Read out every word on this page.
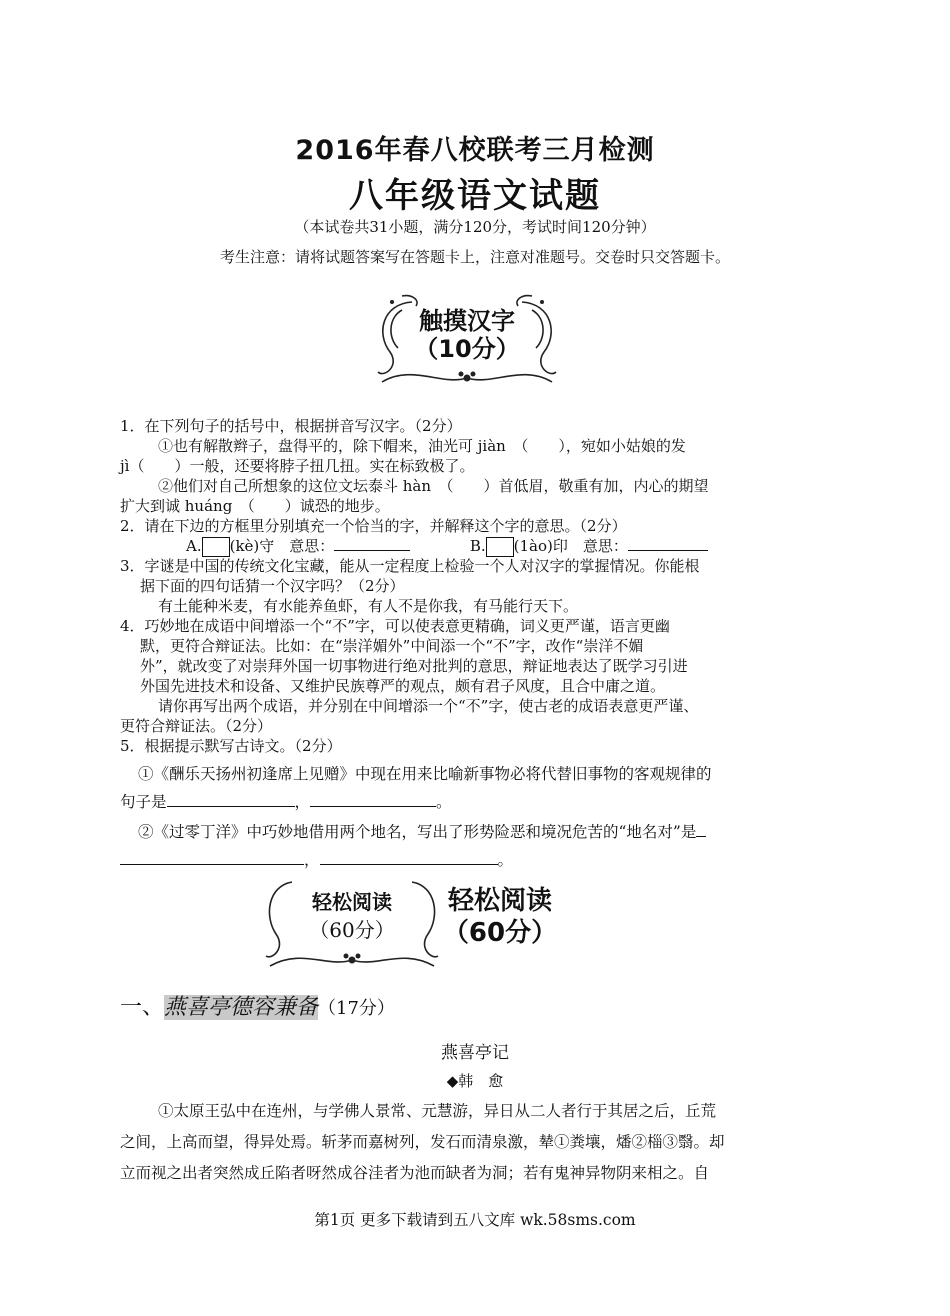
2016年春八校联考三月检测
八年级语文试题
（本试卷共31小题，满分120分，考试时间120分钟）
考生注意：请将试题答案写在答题卡上，注意对准题号。交卷时只交答题卡。
触摸汉字
（10分）
1．在下列句子的括号中，根据拼音写汉字。（2分）
①也有解散辫子，盘得平的，除下帽来，油光可 jiàn　（　　），宛如小姑娘的发
jì（　　）一般，还要将脖子扭几扭。实在标致极了。
②他们对自己所想象的这位文坛泰斗 hàn　（　　）首低眉，敬重有加，内心的期望
扩大到诚 huáng　（　　）诚恐的地步。
2．请在下边的方框里分别填充一个恰当的字，并解释这个字的意思。（2分）
A. (kè)守　意思：	B. (1ào)印　意思：
3．字谜是中国的传统文化宝藏，能从一定程度上检验一个人对汉字的掌握情况。你能根
据下面的四句话猜一个汉字吗？（2分）
有土能种米麦，有水能养鱼虾，有人不是你我，有马能行天下。
4．巧妙地在成语中间增添一个“不”字，可以使表意更精确，词义更严谨，语言更幽
默，更符合辩证法。比如：在“崇洋媚外”中间添一个“不”字，改作“崇洋不媚
外”，就改变了对崇拜外国一切事物进行绝对批判的意思，辩证地表达了既学习引进
外国先进技术和设备、又维护民族尊严的观点，颇有君子风度，且合中庸之道。
请你再写出两个成语，并分别在中间增添一个“不”字，使古老的成语表意更严谨、
更符合辩证法。（2分）
5．根据提示默写古诗文。（2分）
①《酬乐天扬州初逢席上见赠》中现在用来比喻新事物必将代替旧事物的客观规律的
句子是	，	。
②《过零丁洋》中巧妙地借用两个地名，写出了形势险恶和境况危苦的“地名对”是
，	。
轻松阅读
（60分）
轻松阅读
（60分）
一、燕喜亭德容兼备（17分）
燕喜亭记
◆韩　愈
①太原王弘中在连州，与学佛人景常、元慧游，异日从二人者行于其居之后，丘荒
之间，上高而望，得异处焉。斩茅而嘉树列，发石而清泉激，辇①粪壤，燔②椔③翳。却
立而视之出者突然成丘陷者呀然成谷洼者为池而缺者为洞；若有鬼神异物阴来相之。自
第1页 更多下载请到五八文库 wk.58sms.com
